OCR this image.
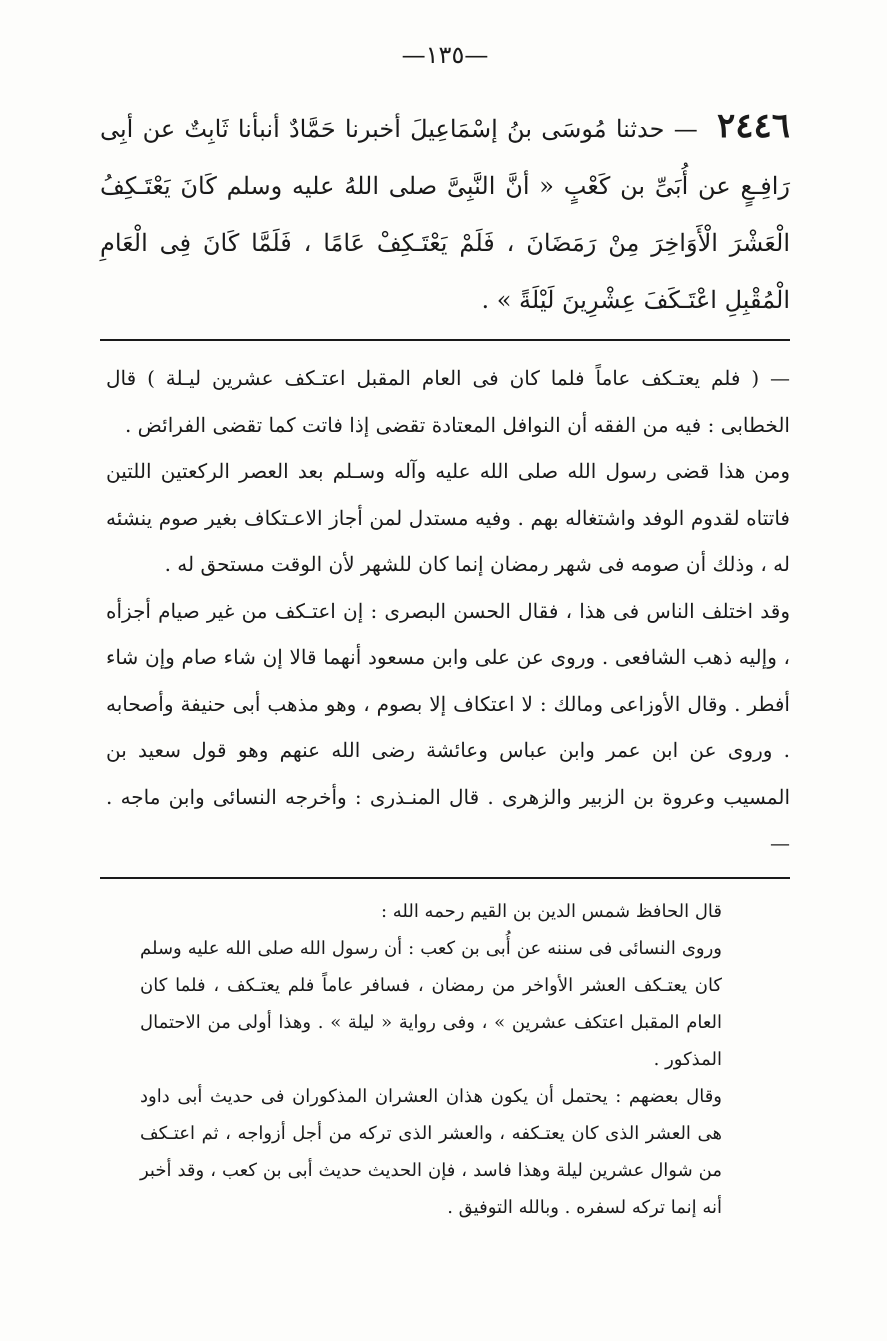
—١٣٥—
٢٤٤٦ — حدثنا مُوسَى بنُ إسْمَاعِيلَ أخبرنا حَمَّادٌ أنبأنا ثَابِتٌ عن أبِى رَافِـعٍ عن أُبَىِّ بن كَعْبٍ « أنَّ النَّبِىَّ صلى اللهُ عليه وسلم كَانَ يَعْتَـكِفُ الْعَشْرَ الْأَوَاخِرَ مِنْ رَمَضَانَ ، فَلَمْ يَعْتَـكِفْ عَامًا ، فَلَمَّا كَانَ فِى الْعَامِ الْمُقْبِلِ اعْتَـكَفَ عِشْرِينَ لَيْلَةً » .

— ( فلم يعتـكف عاماً فلما كان فى العام المقبل اعتـكف عشرين ليـلة ) قال الخطابى : فيه من الفقه أن النوافل المعتادة تقضى إذا فاتت كما تقضى الفرائض .

ومن هذا قضى رسول الله صلى الله عليه وآله وسـلم بعد العصر الركعتين اللتين فاتتاه لقدوم الوفد واشتغاله بهم . وفيه مستدل لمن أجاز الاعـتكاف بغير صوم ينشئه له ، وذلك أن صومه فى شهر رمضان إنما كان للشهر لأن الوقت مستحق له .

وقد اختلف الناس فى هذا ، فقال الحسن البصرى : إن اعتـكف من غير صيام أجزأه ، وإليه ذهب الشافعى . وروى عن على وابن مسعود أنهما قالا إن شاء صام وإن شاء أفطر . وقال الأوزاعى ومالك : لا اعتكاف إلا بصوم ، وهو مذهب أبى حنيفة وأصحابه . وروى عن ابن عمر وابن عباس وعائشة رضى الله عنهم وهو قول سعيد بن المسيب وعروة بن الزبير والزهرى . قال المنـذرى : وأخرجه النسائى وابن ماجه . —

قال الحافظ شمس الدين بن القيم رحمه الله :

وروى النسائى فى سننه عن أُبى بن كعب : أن رسول الله صلى الله عليه وسلم كان يعتـكف العشر الأواخر من رمضان ، فسافر عاماً فلم يعتـكف ، فلما كان العام المقبل اعتكف عشرين » ، وفى رواية « ليلة » . وهذا أولى من الاحتمال المذكور .

وقال بعضهم : يحتمل أن يكون هذان العشران المذكوران فى حديث أبى داود هى العشر الذى كان يعتـكفه ، والعشر الذى تركه من أجل أزواجه ، ثم اعتـكف من شوال عشرين ليلة وهذا فاسد ، فإن الحديث حديث أبى بن كعب ، وقد أخبر أنه إنما تركه لسفره . وبالله التوفيق .
